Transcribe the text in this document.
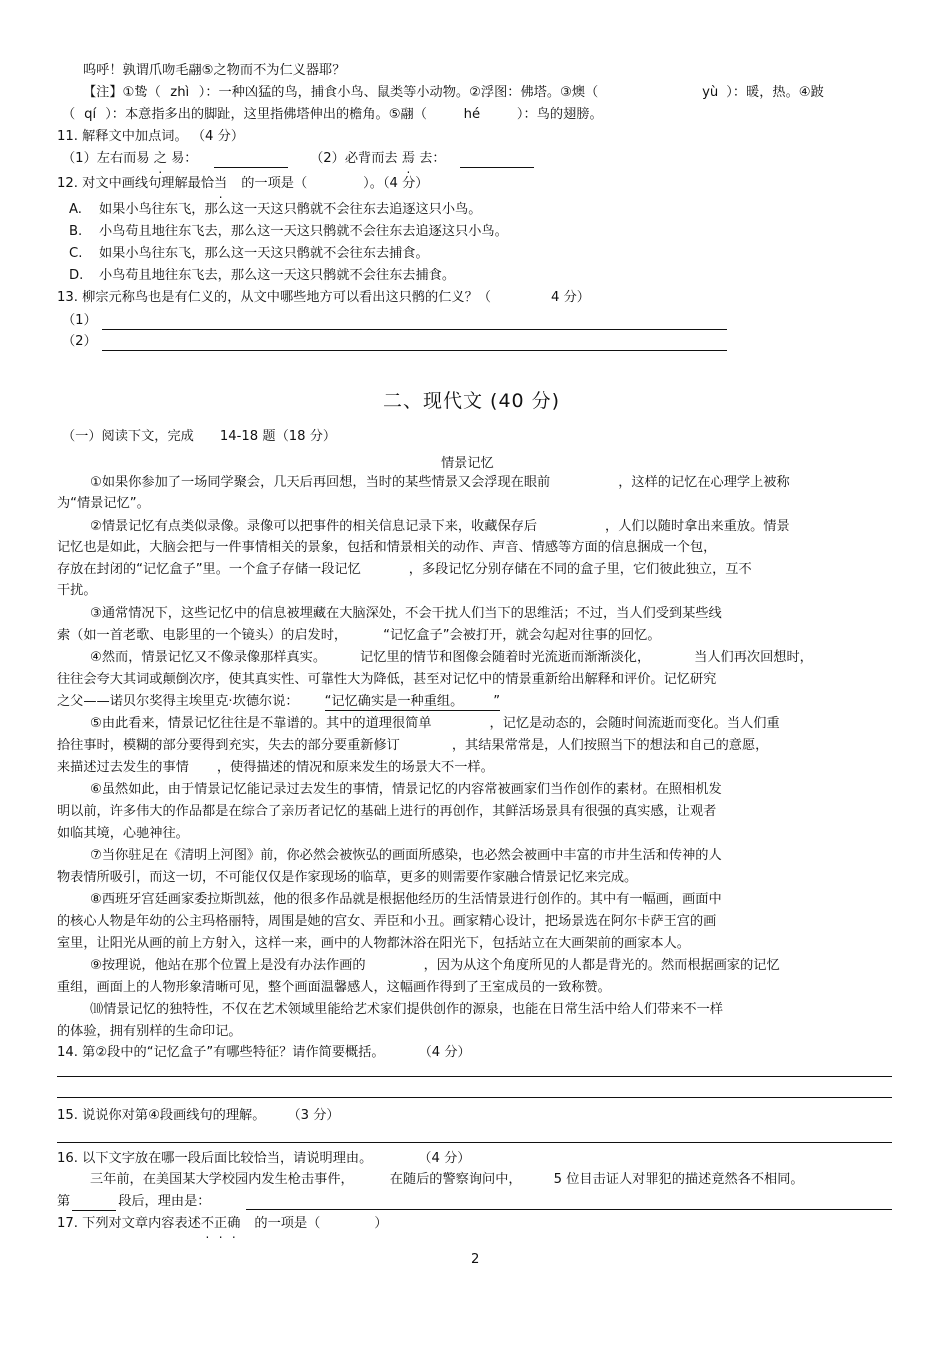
呜呼！孰谓爪吻毛翮⑤之物而不为仁义器耶？
【注】①鸷（ zhì ）：一种凶猛的鸟，捕食小鸟、鼠类等小动物。②浮图：佛塔。③燠（	yù ）：暖，热。④跛
（ qí ）：本意指多出的脚趾，这里指佛塔伸出的檐角。⑤翮（	hé	）：鸟的翅膀。
11. 解释文中加点词。 （4 分）
（1）左右而易 之 易：	（2）必背而去 焉 去：
12. 对文中画线句理解最恰当 的一项是（	）。（4 分）
A. 如果小鸟往东飞，那么这一天这只鹘就不会往东去追逐这只小鸟。
B. 小鸟苟且地往东飞去，那么这一天这只鹘就不会往东去追逐这只小鸟。
C. 如果小鸟往东飞，那么这一天这只鹘就不会往东去捕食。
D. 小鸟苟且地往东飞去，那么这一天这只鹘就不会往东去捕食。
13. 柳宗元称鸟也是有仁义的，从文中哪些地方可以看出这只鹘的仁义？（	4 分）
（1）
（2）
二、现代文 (40 分)
（一）阅读下文，完成 14-18 题（18 分）
情景记忆
①如果你参加了一场同学聚会，几天后再回想，当时的某些情景又会浮现在眼前	，这样的记忆在心理学上被称
为“情景记忆”。
②情景记忆有点类似录像。录像可以把事件的相关信息记录下来，收藏保存后	，人们以随时拿出来重放。情景
记忆也是如此，大脑会把与一件事情相关的景象，包括和情景相关的动作、声音、情感等方面的信息捆成一个包，
存放在封闭的“记忆盒子”里。一个盒子存储一段记忆	，多段记忆分别存储在不同的盒子里，它们彼此独立，互不
干扰。
③通常情况下，这些记忆中的信息被埋藏在大脑深处，不会干扰人们当下的思维活；不过，当人们受到某些线
索（如一首老歌、电影里的一个镜头）的启发时，	“记忆盒子”会被打开，就会勾起对往事的回忆。
④然而，情景记忆又不像录像那样真实。	记忆里的情节和图像会随着时光流逝而渐渐淡化，	当人们再次回想时，
往往会夸大其词或颠倒次序，使其真实性、可靠性大为降低，甚至对记忆中的情景重新给出解释和评价。记忆研究
之父——诺贝尔奖得主埃里克·坎德尔说： “记忆确实是一种重组。 ”
⑤由此看来，情景记忆往往是不靠谱的。其中的道理很简单	，记忆是动态的，会随时间流逝而变化。当人们重
拾往事时，模糊的部分要得到充实，失去的部分要重新修订	，其结果常常是，人们按照当下的想法和自己的意愿，
来描述过去发生的事情 ，使得描述的情况和原来发生的场景大不一样。
⑥虽然如此，由于情景记忆能记录过去发生的事情，情景记忆的内容常被画家们当作创作的素材。在照相机发
明以前，许多伟大的作品都是在综合了亲历者记忆的基础上进行的再创作，其鲜活场景具有很强的真实感，让观者
如临其境，心驰神往。
⑦当你驻足在《清明上河图》前，你必然会被恢弘的画面所感染，也必然会被画中丰富的市井生活和传神的人
物表情所吸引，而这一切，不可能仅仅是作家现场的临草，更多的则需要作家融合情景记忆来完成。
⑧西班牙宫廷画家委拉斯凯兹，他的很多作品就是根据他经历的生活情景进行创作的。其中有一幅画，画面中
的核心人物是年幼的公主玛格丽特，周围是她的宫女、弄臣和小丑。画家精心设计，把场景选在阿尔卡萨王宫的画
室里，让阳光从画的前上方射入，这样一来，画中的人物都沐浴在阳光下，包括站立在大画架前的画家本人。
⑨按理说，他站在那个位置上是没有办法作画的	，因为从这个角度所见的人都是背光的。然而根据画家的记忆
重组，画面上的人物形象清晰可见，整个画面温馨感人，这幅画作得到了王室成员的一致称赞。
⑽情景记忆的独特性，不仅在艺术领域里能给艺术家们提供创作的源泉，也能在日常生活中给人们带来不一样
的体验，拥有别样的生命印记。
14. 第②段中的“记忆盒子”有哪些特征？请作简要概括。	（4 分）
15. 说说你对第④段画线句的理解。 （3 分）
16. 以下文字放在哪一段后面比较恰当，请说明理由。	（4 分）
三年前，在美国某大学校园内发生枪击事件，	在随后的警察询问中， 5 位目击证人对罪犯的描述竟然各不相同。
第	段后，理由是：
17. 下列对文章内容表述不正确 的一项是（	）
2
